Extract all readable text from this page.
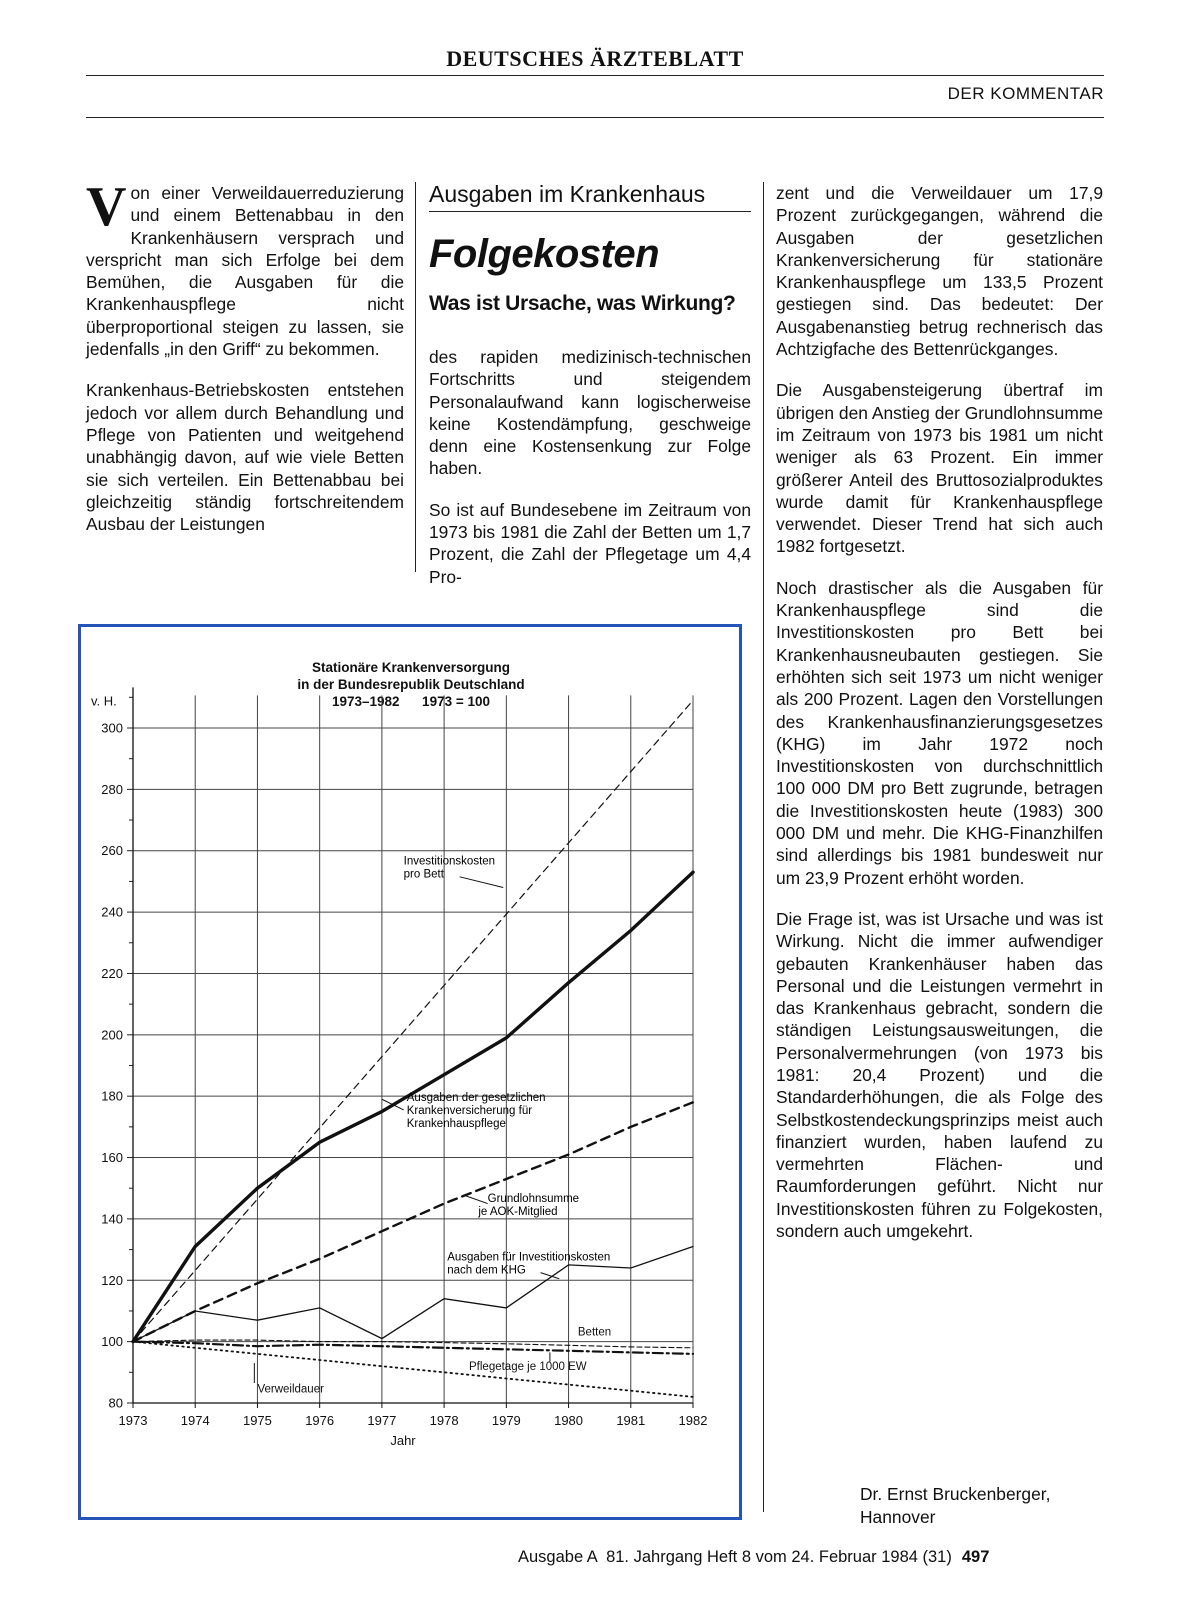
DEUTSCHES ÄRZTEBLATT
DER KOMMENTAR

Von einer Verweildauerreduzierung und einem Bettenabbau in den Krankenhäusern versprach und verspricht man sich Erfolge bei dem Bemühen, die Ausgaben für die Krankenhauspflege nicht überproportional steigen zu lassen, sie jedenfalls „in den Griff“ zu bekommen.

Krankenhaus-Betriebskosten entstehen jedoch vor allem durch Behandlung und Pflege von Patienten und weitgehend unabhängig davon, auf wie viele Betten sie sich verteilen. Ein Bettenabbau bei gleichzeitig ständig fortschreitendem Ausbau der Leistungen

Ausgaben im Krankenhaus
Folgekosten
Was ist Ursache, was Wirkung?

des rapiden medizinisch-technischen Fortschritts und steigendem Personalaufwand kann logischerweise keine Kostendämpfung, geschweige denn eine Kostensenkung zur Folge haben.

So ist auf Bundesebene im Zeitraum von 1973 bis 1981 die Zahl der Betten um 1,7 Prozent, die Zahl der Pflegetage um 4,4 Pro-

zent und die Verweildauer um 17,9 Prozent zurückgegangen, während die Ausgaben der gesetzlichen Krankenversicherung für stationäre Krankenhauspflege um 133,5 Prozent gestiegen sind. Das bedeutet: Der Ausgabenanstieg betrug rechnerisch das Achtzigfache des Bettenrückganges.

Die Ausgabensteigerung übertraf im übrigen den Anstieg der Grundlohnsumme im Zeitraum von 1973 bis 1981 um nicht weniger als 63 Prozent. Ein immer größerer Anteil des Bruttosozialproduktes wurde damit für Krankenhauspflege verwendet. Dieser Trend hat sich auch 1982 fortgesetzt.

Noch drastischer als die Ausgaben für Krankenhauspflege sind die Investitionskosten pro Bett bei Krankenhausneubauten gestiegen. Sie erhöhten sich seit 1973 um nicht weniger als 200 Prozent. Lagen den Vorstellungen des Krankenhausfinanzierungsgesetzes (KHG) im Jahr 1972 noch Investitionskosten von durchschnittlich 100 000 DM pro Bett zugrunde, betragen die Investitionskosten heute (1983) 300 000 DM und mehr. Die KHG-Finanzhilfen sind allerdings bis 1981 bundesweit nur um 23,9 Prozent erhöht worden.

Die Frage ist, was ist Ursache und was ist Wirkung. Nicht die immer aufwendiger gebauten Krankenhäuser haben das Personal und die Leistungen vermehrt in das Krankenhaus gebracht, sondern die ständigen Leistungsausweitungen, die Personalvermehrungen (von 1973 bis 1981: 20,4 Prozent) und die Standarderhöhungen, die als Folge des Selbstkostendeckungsprinzips meist auch finanziert wurden, haben laufend zu vermehrten Flächen- und Raumforderungen geführt. Nicht nur Investitionskosten führen zu Folgekosten, sondern auch umgekehrt.

Dr. Ernst Bruckenberger,
Hannover
Stationäre Krankenversorgung
in der Bundesrepublik Deutschland
1973–1982      1973 = 100
80
100
120
140
160
180
200
220
240
260
280
300
v. H.
1973	1974	1975	1976	1977	1978	1979	1980	1981	1982
Jahr
Investitionskosten pro Bett
Ausgaben der gesetzlichen Krankenversicherung für Krankenhauspflege
Grundlohnsumme je AOK-Mitglied
Ausgaben für Investitionskosten nach dem KHG
Betten
Pflegetage je 1000 EW
Verweildauer
Ausgabe A  81. Jahrgang Heft 8 vom 24. Februar 1984 (31) 497
